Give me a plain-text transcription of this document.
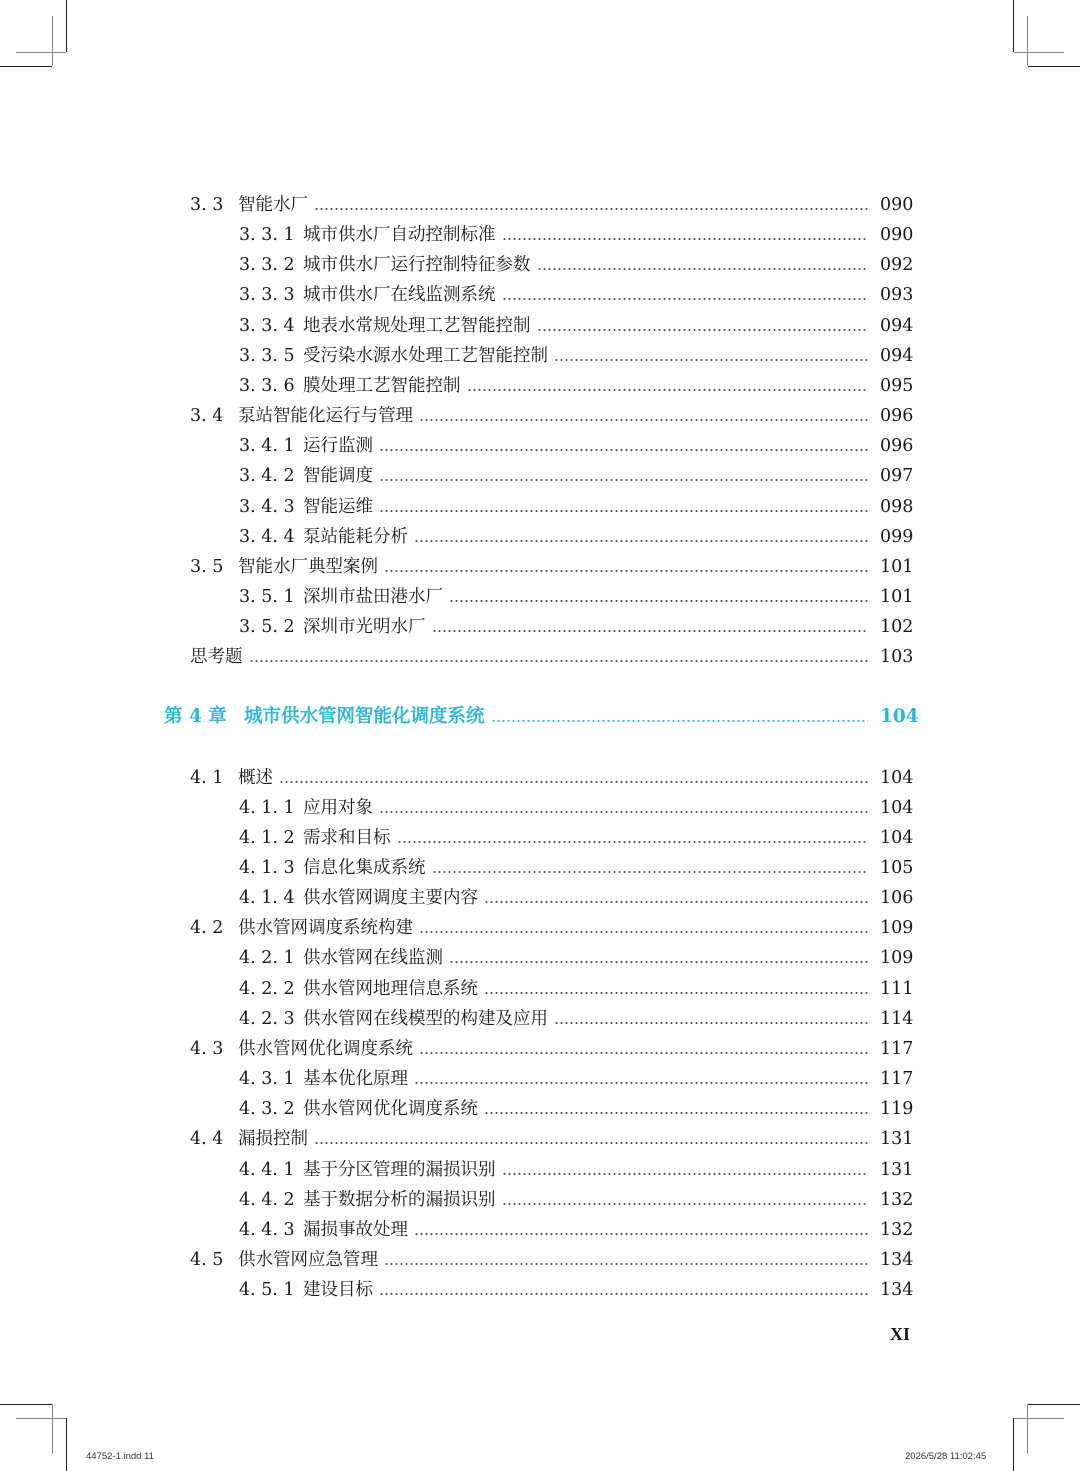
3. 3 智能水厂	090
3. 3. 1 城市供水厂自动控制标准	090
3. 3. 2 城市供水厂运行控制特征参数	092
3. 3. 3 城市供水厂在线监测系统	093
3. 3. 4 地表水常规处理工艺智能控制	094
3. 3. 5 受污染水源水处理工艺智能控制	094
3. 3. 6 膜处理工艺智能控制	095
3. 4 泵站智能化运行与管理	096
3. 4. 1 运行监测	096
3. 4. 2 智能调度	097
3. 4. 3 智能运维	098
3. 4. 4 泵站能耗分析	099
3. 5 智能水厂典型案例	101
3. 5. 1 深圳市盐田港水厂	101
3. 5. 2 深圳市光明水厂	102
思考题	103
第 4 章 城市供水管网智能化调度系统	104
4. 1 概述	104
4. 1. 1 应用对象	104
4. 1. 2 需求和目标	104
4. 1. 3 信息化集成系统	105
4. 1. 4 供水管网调度主要内容	106
4. 2 供水管网调度系统构建	109
4. 2. 1 供水管网在线监测	109
4. 2. 2 供水管网地理信息系统	111
4. 2. 3 供水管网在线模型的构建及应用	114
4. 3 供水管网优化调度系统	117
4. 3. 1 基本优化原理	117
4. 3. 2 供水管网优化调度系统	119
4. 4 漏损控制	131
4. 4. 1 基于分区管理的漏损识别	131
4. 4. 2 基于数据分析的漏损识别	132
4. 4. 3 漏损事故处理	132
4. 5 供水管网应急管理	134
4. 5. 1 建设目标	134
XI
44752-1.indd 11	2026/5/28 11:02:45
